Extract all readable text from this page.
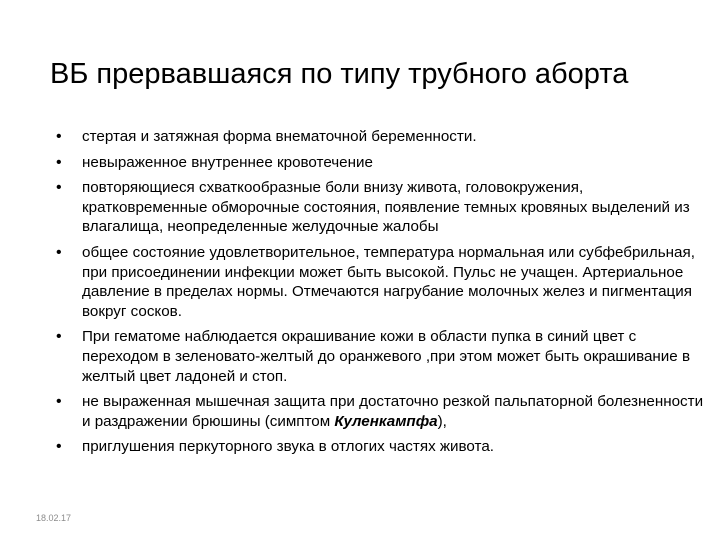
ВБ прервавшаяся по типу трубного аборта
• стертая и затяжная форма внематочной беременности.
• невыраженное внутреннее кровотечение
• повторяющиеся схваткообразные боли внизу живота, головокружения, кратковременные обморочные состояния, появление темных кровяных выделений из влагалища, неопределенные желудочные жалобы
• общее состояние удовлетворительное, температура нормальная или субфебрильная, при присоединении инфекции может быть высокой. Пульс не учащен. Артериальное давление в пределах нормы. Отмечаются нагрубание молочных желез и пигментация вокруг сосков.
• При гематоме наблюдается окрашивание кожи в области пупка в синий цвет с переходом в зеленовато-желтый до оранжевого ,при этом может быть окрашивание в желтый цвет ладоней и стоп.
• не выраженная мышечная защита при достаточно резкой пальпаторной болезненности и раздражении брюшины (симптом Куленкампфа),
• приглушения перкуторного звука в отлогих частях живота.
18.02.17
